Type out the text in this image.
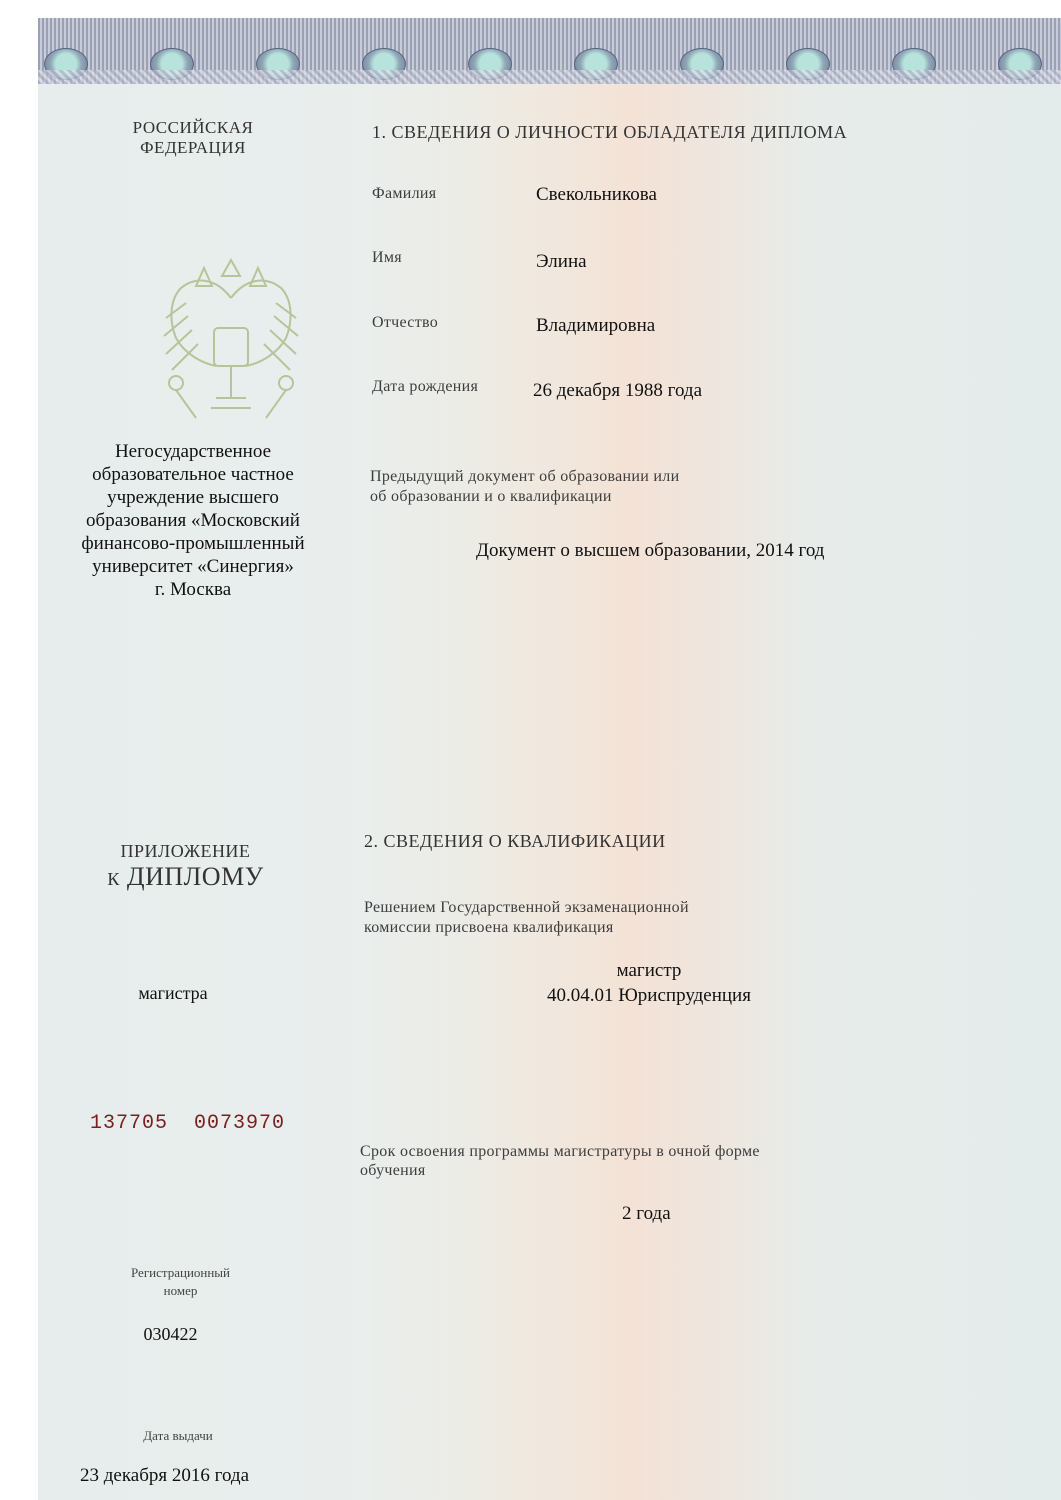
РОССИЙСКАЯ
ФЕДЕРАЦИЯ
Негосударственное
образовательное частное
учреждение высшего
образования «Московский
финансово-промышленный
университет «Синергия»
г. Москва
ПРИЛОЖЕНИЕ
к ДИПЛОМУ
магистра
137705  0073970
Регистрационный
номер
030422
Дата выдачи
23 декабря 2016 года
1. СВЕДЕНИЯ О ЛИЧНОСТИ ОБЛАДАТЕЛЯ ДИПЛОМА
Фамилия	Свекольникова
Имя	Элина
Отчество	Владимировна
Дата рождения	26 декабря 1988 года
Предыдущий документ об образовании или
об образовании и о квалификации
Документ о высшем образовании, 2014 год
2. СВЕДЕНИЯ О КВАЛИФИКАЦИИ
Решением Государственной экзаменационной
комиссии присвоена квалификация
магистр
40.04.01 Юриспруденция
Срок освоения программы магистратуры в очной форме
обучения
2 года
